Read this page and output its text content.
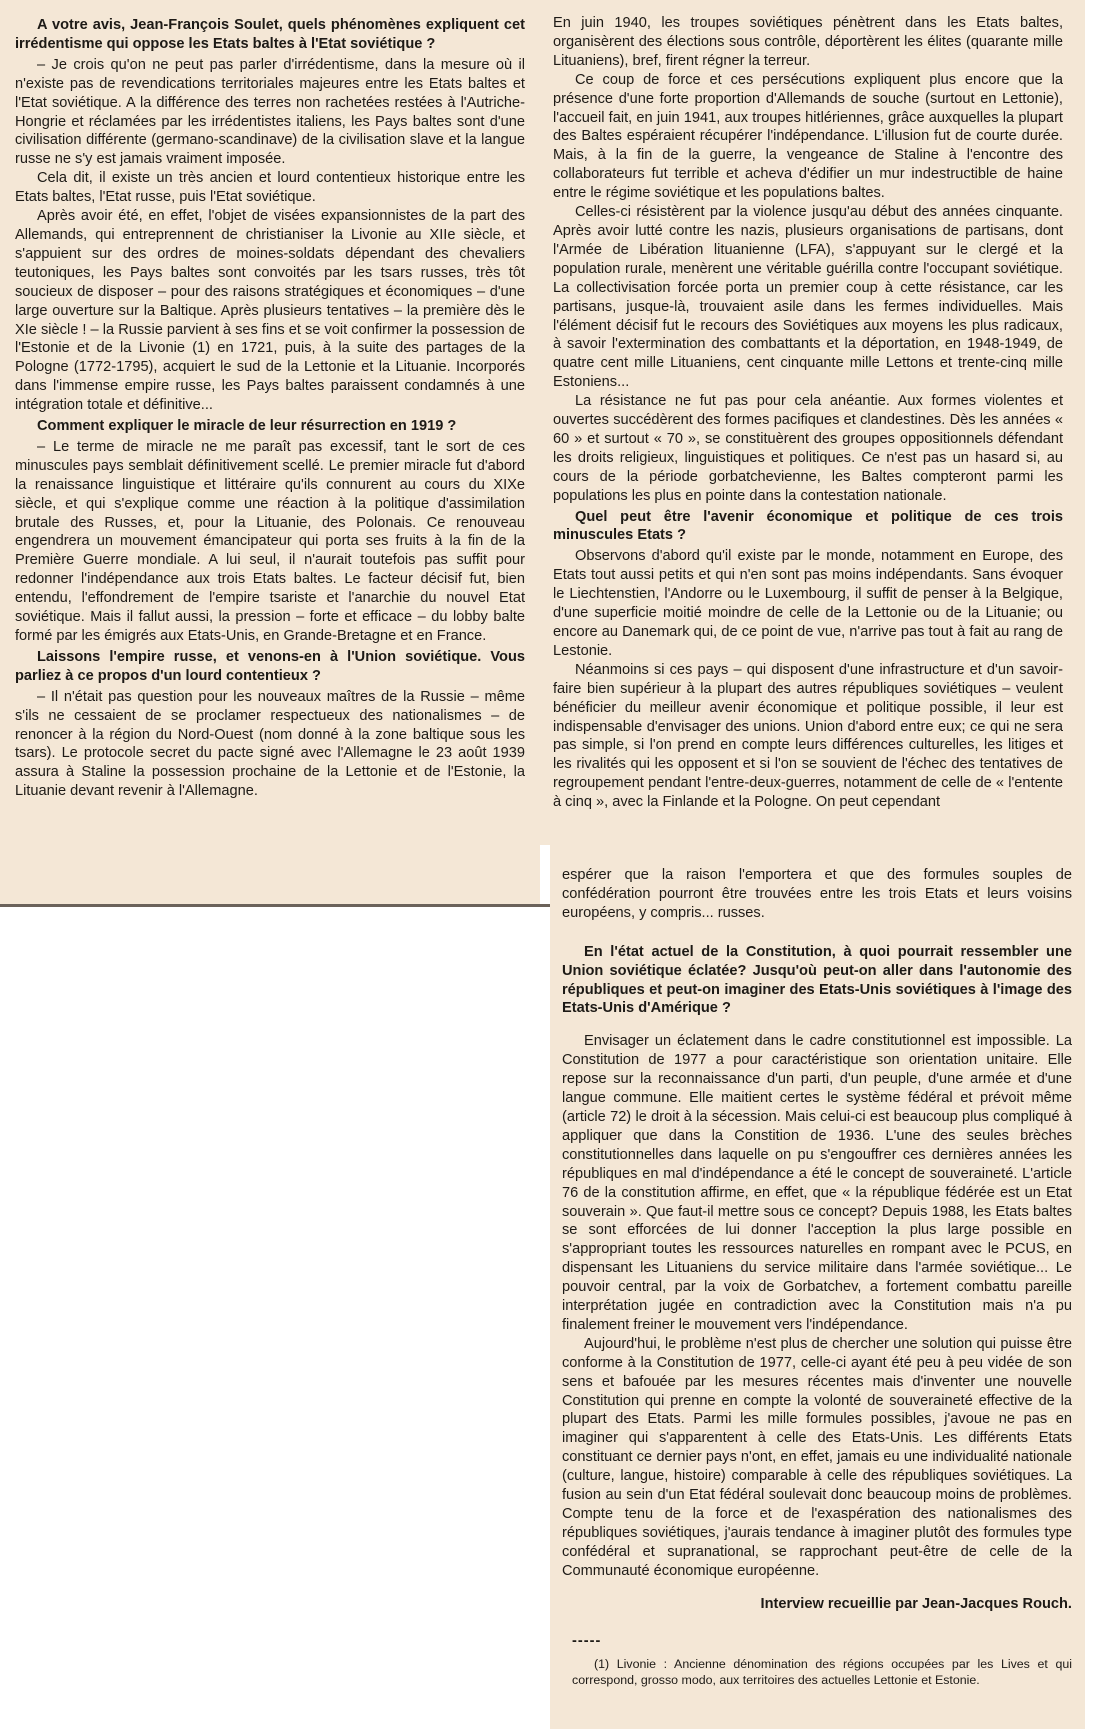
A votre avis, Jean-François Soulet, quels phénomènes expliquent cet irrédentisme qui oppose les Etats baltes à l'Etat soviétique ?

– Je crois qu'on ne peut pas parler d'irrédentisme, dans la mesure où il n'existe pas de revendications territoriales majeures entre les Etats baltes et l'Etat soviétique. A la différence des terres non rachetées restées à l'Autriche-Hongrie et réclamées par les irrédentistes italiens, les Pays baltes sont d'une civilisation différente (germano-scandinave) de la civilisation slave et la langue russe ne s'y est jamais vraiment imposée.

Cela dit, il existe un très ancien et lourd contentieux historique entre les Etats baltes, l'Etat russe, puis l'Etat soviétique.

Après avoir été, en effet, l'objet de visées expansionnistes de la part des Allemands, qui entreprennent de christianiser la Livonie au XIIe siècle, et s'appuient sur des ordres de moines-soldats dépendant des chevaliers teutoniques, les Pays baltes sont convoités par les tsars russes, très tôt soucieux de disposer – pour des raisons stratégiques et économiques – d'une large ouverture sur la Baltique. Après plusieurs tentatives – la première dès le XIe siècle ! – la Russie parvient à ses fins et se voit confirmer la possession de l'Estonie et de la Livonie (1) en 1721, puis, à la suite des partages de la Pologne (1772-1795), acquiert le sud de la Lettonie et la Lituanie. Incorporés dans l'immense empire russe, les Pays baltes paraissent condamnés à une intégration totale et définitive...

Comment expliquer le miracle de leur résurrection en 1919 ?

– Le terme de miracle ne me paraît pas excessif, tant le sort de ces minuscules pays semblait définitivement scellé. Le premier miracle fut d'abord la renaissance linguistique et littéraire qu'ils connurent au cours du XIXe siècle, et qui s'explique comme une réaction à la politique d'assimilation brutale des Russes, et, pour la Lituanie, des Polonais. Ce renouveau engendrera un mouvement émancipateur qui porta ses fruits à la fin de la Première Guerre mondiale. A lui seul, il n'aurait toutefois pas suffit pour redonner l'indépendance aux trois Etats baltes. Le facteur décisif fut, bien entendu, l'effondrement de l'empire tsariste et l'anarchie du nouvel Etat soviétique. Mais il fallut aussi, la pression – forte et efficace – du lobby balte formé par les émigrés aux Etats-Unis, en Grande-Bretagne et en France.

Laissons l'empire russe, et venons-en à l'Union soviétique. Vous parliez à ce propos d'un lourd contentieux ?

– Il n'était pas question pour les nouveaux maîtres de la Russie – même s'ils ne cessaient de se proclamer respectueux des nationalismes – de renoncer à la région du Nord-Ouest (nom donné à la zone baltique sous les tsars). Le protocole secret du pacte signé avec l'Allemagne le 23 août 1939 assura à Staline la possession prochaine de la Lettonie et de l'Estonie, la Lituanie devant revenir à l'Allemagne.

En juin 1940, les troupes soviétiques pénètrent dans les Etats baltes, organisèrent des élections sous contrôle, déportèrent les élites (quarante mille Lituaniens), bref, firent régner la terreur.

Ce coup de force et ces persécutions expliquent plus encore que la présence d'une forte proportion d'Allemands de souche (surtout en Lettonie), l'accueil fait, en juin 1941, aux troupes hitlériennes, grâce auxquelles la plupart des Baltes espéraient récupérer l'indépendance. L'illusion fut de courte durée. Mais, à la fin de la guerre, la vengeance de Staline à l'encontre des collaborateurs fut terrible et acheva d'édifier un mur indestructible de haine entre le régime soviétique et les populations baltes.

Celles-ci résistèrent par la violence jusqu'au début des années cinquante. Après avoir lutté contre les nazis, plusieurs organisations de partisans, dont l'Armée de Libération lituanienne (LFA), s'appuyant sur le clergé et la population rurale, menèrent une véritable guérilla contre l'occupant soviétique. La collectivisation forcée porta un premier coup à cette résistance, car les partisans, jusque-là, trouvaient asile dans les fermes individuelles. Mais l'élément décisif fut le recours des Soviétiques aux moyens les plus radicaux, à savoir l'extermination des combattants et la déportation, en 1948-1949, de quatre cent mille Lituaniens, cent cinquante mille Lettons et trente-cinq mille Estoniens...

La résistance ne fut pas pour cela anéantie. Aux formes violentes et ouvertes succédèrent des formes pacifiques et clandestines. Dès les années « 60 » et surtout « 70 », se constituèrent des groupes oppositionnels défendant les droits religieux, linguistiques et politiques. Ce n'est pas un hasard si, au cours de la période gorbatchevienne, les Baltes compteront parmi les populations les plus en pointe dans la contestation nationale.

Quel peut être l'avenir économique et politique de ces trois minuscules Etats ?

Observons d'abord qu'il existe par le monde, notamment en Europe, des Etats tout aussi petits et qui n'en sont pas moins indépendants. Sans évoquer le Liechtenstien, l'Andorre ou le Luxembourg, il suffit de penser à la Belgique, d'une superficie moitié moindre de celle de la Lettonie ou de la Lituanie; ou encore au Danemark qui, de ce point de vue, n'arrive pas tout à fait au rang de Lestonie.

Néanmoins si ces pays – qui disposent d'une infrastructure et d'un savoir-faire bien supérieur à la plupart des autres républiques soviétiques – veulent bénéficier du meilleur avenir économique et politique possible, il leur est indispensable d'envisager des unions. Union d'abord entre eux; ce qui ne sera pas simple, si l'on prend en compte leurs différences culturelles, les litiges et les rivalités qui les opposent et si l'on se souvient de l'échec des tentatives de regroupement pendant l'entre-deux-guerres, notamment de celle de « l'entente à cinq », avec la Finlande et la Pologne. On peut cependant

espérer que la raison l'emportera et que des formules souples de confédération pourront être trouvées entre les trois Etats et leurs voisins européens, y compris... russes.

En l'état actuel de la Constitution, à quoi pourrait ressembler une Union soviétique éclatée? Jusqu'où peut-on aller dans l'autonomie des républiques et peut-on imaginer des Etats-Unis soviétiques à l'image des Etats-Unis d'Amérique ?

Envisager un éclatement dans le cadre constitutionnel est impossible. La Constitution de 1977 a pour caractéristique son orientation unitaire. Elle repose sur la reconnaissance d'un parti, d'un peuple, d'une armée et d'une langue commune. Elle maitient certes le système fédéral et prévoit même (article 72) le droit à la sécession. Mais celui-ci est beaucoup plus compliqué à appliquer que dans la Constition de 1936. L'une des seules brèches constitutionnelles dans laquelle on pu s'engouffrer ces dernières années les républiques en mal d'indépendance a été le concept de souveraineté. L'article 76 de la constitution affirme, en effet, que « la république fédérée est un Etat souverain ». Que faut-il mettre sous ce concept? Depuis 1988, les Etats baltes se sont efforcées de lui donner l'acception la plus large possible en s'appropriant toutes les ressources naturelles en rompant avec le PCUS, en dispensant les Lituaniens du service militaire dans l'armée soviétique... Le pouvoir central, par la voix de Gorbatchev, a fortement combattu pareille interprétation jugée en contradiction avec la Constitution mais n'a pu finalement freiner le mouvement vers l'indépendance.

Aujourd'hui, le problème n'est plus de chercher une solution qui puisse être conforme à la Constitution de 1977, celle-ci ayant été peu à peu vidée de son sens et bafouée par les mesures récentes mais d'inventer une nouvelle Constitution qui prenne en compte la volonté de souveraineté effective de la plupart des Etats. Parmi les mille formules possibles, j'avoue ne pas en imaginer qui s'apparentent à celle des Etats-Unis. Les différents Etats constituant ce dernier pays n'ont, en effet, jamais eu une individualité nationale (culture, langue, histoire) comparable à celle des républiques soviétiques. La fusion au sein d'un Etat fédéral soulevait donc beaucoup moins de problèmes. Compte tenu de la force et de l'exaspération des nationalismes des républiques soviétiques, j'aurais tendance à imaginer plutôt des formules type confédéral et supranational, se rapprochant peut-être de celle de la Communauté économique européenne.

Interview recueillie par Jean-Jacques Rouch.
-----

(1) Livonie : Ancienne dénomination des régions occupées par les Lives et qui correspond, grosso modo, aux territoires des actuelles Lettonie et Estonie.
